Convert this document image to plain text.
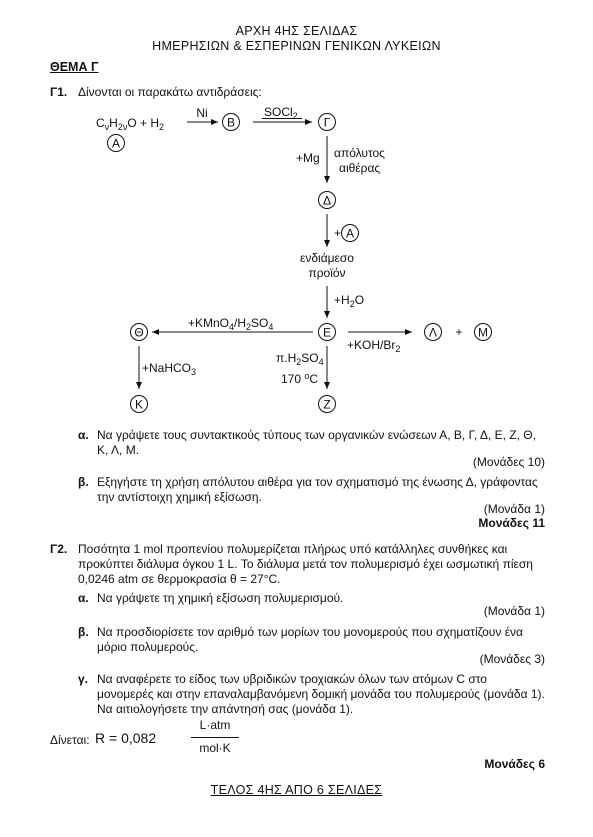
ΑΡΧΗ 4ΗΣ ΣΕΛΙΔΑΣ
ΗΜΕΡΗΣΙΩΝ & ΕΣΠΕΡΙΝΩΝ ΓΕΝΙΚΩΝ ΛΥΚΕΙΩΝ
ΘΕΜΑ Γ
Γ1. Δίνονται οι παρακάτω αντιδράσεις:
$C_\nu H_{2\nu}O + H_2$
Α
Ni
Β
SOCl$_2$ Γ
+Mg απόλυτος
αιθέρας
Δ
+ Α
ενδιάμεσο
προϊόν
$+H_2O$
Ε
$+KMnO_4/H_2SO_4$
Θ
$+KOH/Br_2$
Λ + Μ
+NaHCO$_3$
Κ
$\pi.H_2SO_4$
170 $^o$C
Ζ
α. Να γράψετε τους συντακτικούς τύπους των οργανικών ενώσεων Α, Β, Γ, Δ, Ε, Ζ, Θ, Κ, Λ, Μ.
(Μονάδες 10)
β. Εξηγήστε τη χρήση απόλυτου αιθέρα για τον σχηματισμό της ένωσης Δ, γράφοντας την αντίστοιχη χημική εξίσωση.
(Μονάδα 1)
Μονάδες 11
Γ2. Ποσότητα 1 mol προπενίου πολυμερίζεται πλήρως υπό κατάλληλες συνθήκες και προκύπτει διάλυμα όγκου 1 L. Το διάλυμα μετά τον πολυμερισμό έχει ωσμωτική πίεση 0,0246 atm σε θερμοκρασία θ = 27°C.
α. Να γράψετε τη χημική εξίσωση πολυμερισμού.
(Μονάδα 1)
β. Να προσδιορίσετε τον αριθμό των μορίων του μονομερούς που σχηματίζουν ένα μόριο πολυμερούς.
(Μονάδες 3)
γ. Να αναφέρετε το είδος των υβριδικών τροχιακών όλων των ατόμων C στο μονομερές και στην επαναλαμβανόμενη δομική μονάδα του πολυμερούς (μονάδα 1). Να αιτιολογήσετε την απάντησή σας (μονάδα 1).
Δίνεται: R = 0,082
L·atm
mol·K
Μονάδες 6
ΤΕΛΟΣ 4ΗΣ ΑΠΟ 6 ΣΕΛΙΔΕΣ
